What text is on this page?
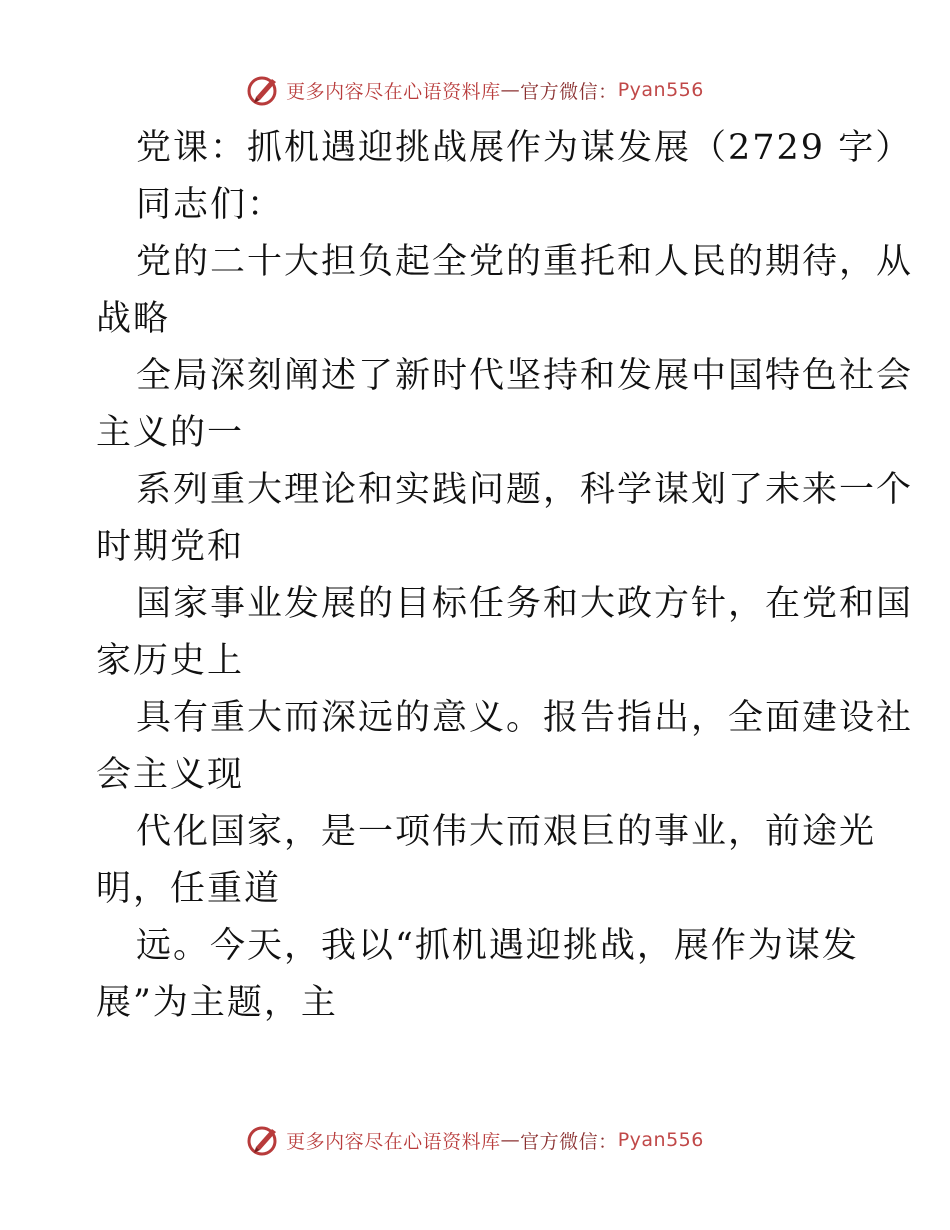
更多内容尽在心语资料库 — 官方微信： Pyan556
党课：抓机遇迎挑战展作为谋发展（2729 字）
同志们：
党的二十大担负起全党的重托和人民的期待，从
战略
全局深刻阐述了新时代坚持和发展中国特色社会
主义的一
系列重大理论和实践问题，科学谋划了未来一个
时期党和
国家事业发展的目标任务和大政方针，在党和国
家历史上
具有重大而深远的意义。报告指出，全面建设社
会主义现
代化国家，是一项伟大而艰巨的事业，前途光
明，任重道
远。今天，我以“抓机遇迎挑战，展作为谋发
展”为主题，主
更多内容尽在心语资料库 — 官方微信： Pyan556
